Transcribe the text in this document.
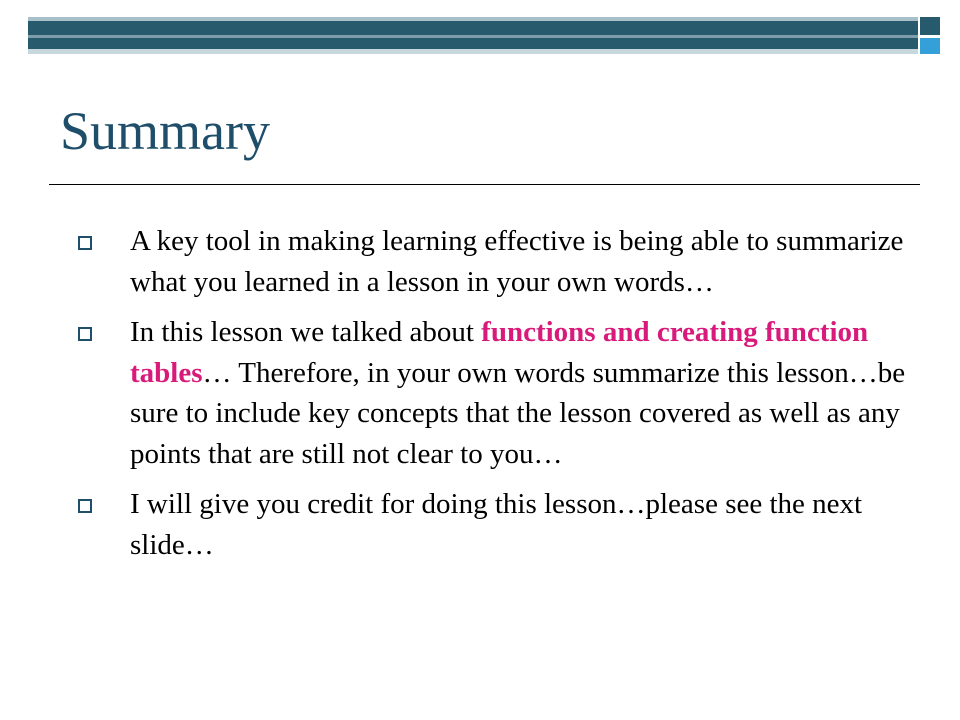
Summary
A key tool in making learning effective is being able to summarize what you learned in a lesson in your own words…
In this lesson we talked about functions and creating function tables… Therefore, in your own words summarize this lesson…be sure to include key concepts that the lesson covered as well as any points that are still not clear to you…
I will give you credit for doing this lesson…please see the next slide…
